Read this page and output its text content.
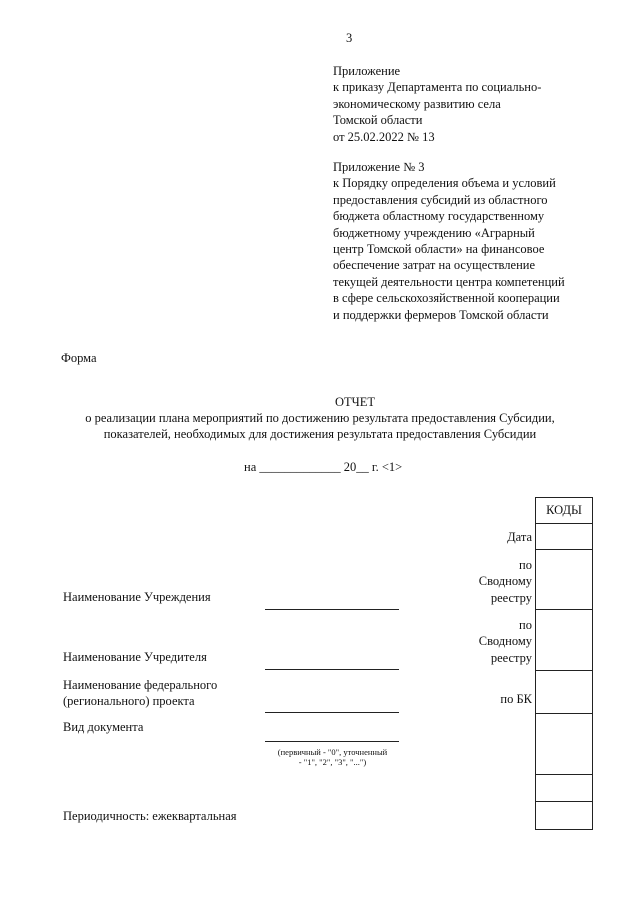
3
Приложение
к приказу Департамента по социально-
экономическому развитию села
Томской области
от 25.02.2022 № 13
Приложение № 3
к Порядку определения объема и условий
предоставления субсидий из областного
бюджета областному государственному
бюджетному учреждению «Аграрный
центр Томской области» на финансовое
обеспечение затрат на осуществление
текущей деятельности центра компетенций
в сфере сельскохозяйственной кооперации
и поддержки фермеров Томской области
Форма
ОТЧЕТ
о реализации плана мероприятий по достижению результата предоставления Субсидии,
показателей, необходимых для достижения результата предоставления Субсидии
на _____________ 20__ г. <1>
КОДЫ
Дата
по
Сводному
реестру
по
Сводному
реестру
по БК
Наименование Учреждения
Наименование Учредителя
Наименование федерального
(регионального) проекта
Вид документа
Периодичность: ежеквартальная
(первичный - "0", уточненный
- "1", "2", "3", "...")
